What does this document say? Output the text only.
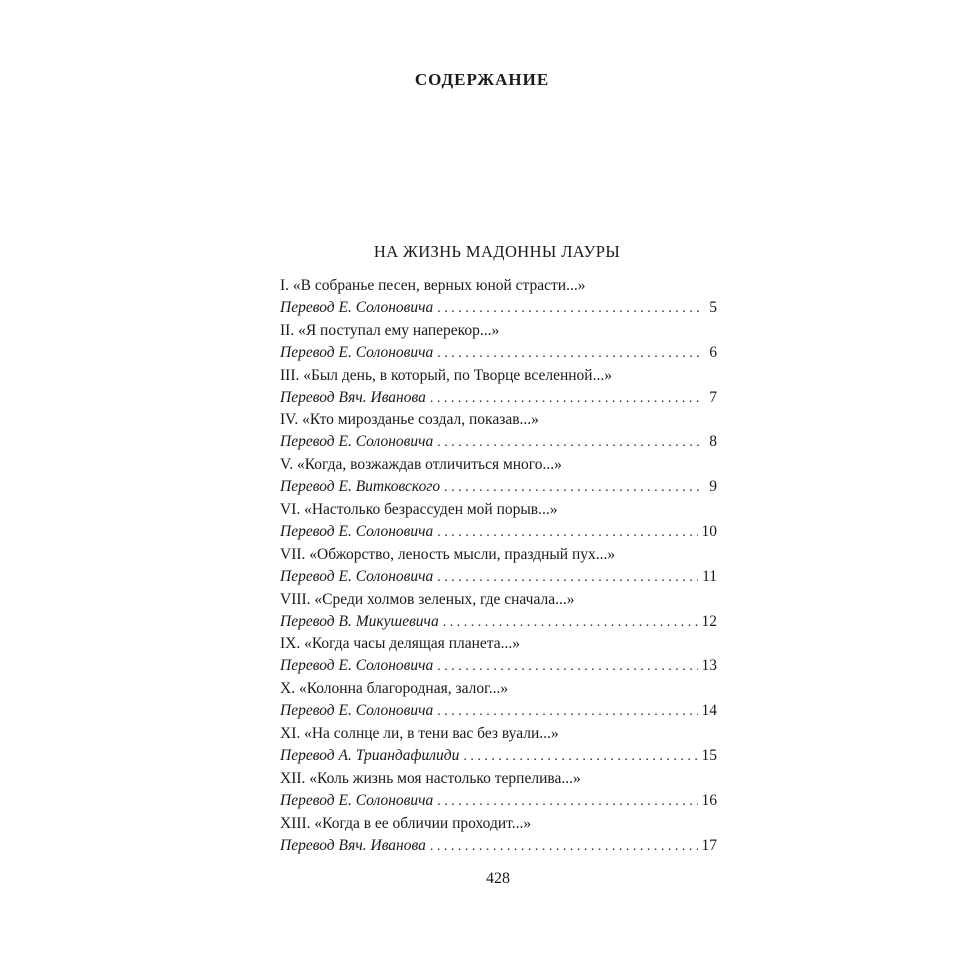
СОДЕРЖАНИЕ
НА ЖИЗНЬ МАДОННЫ ЛАУРЫ
I. «В собранье песен, верных юной страсти...»
Перевод Е. Солоновича . . .	5
II. «Я поступал ему наперекор...»
Перевод Е. Солоновича . . .	6
III. «Был день, в который, по Творце вселенной...»
Перевод Вяч. Иванова . . .	7
IV. «Кто мирозданье создал, показав...»
Перевод Е. Солоновича . . .	8
V. «Когда, возжаждав отличиться много...»
Перевод Е. Витковского . . .	9
VI. «Настолько безрассуден мой порыв...»
Перевод Е. Солоновича . . .	10
VII. «Обжорство, леность мысли, праздный пух...»
Перевод Е. Солоновича . . .	11
VIII. «Среди холмов зеленых, где сначала...»
Перевод В. Микушевича . . .	12
IX. «Когда часы делящая планета...»
Перевод Е. Солоновича . . .	13
X. «Колонна благородная, залог...»
Перевод Е. Солоновича . . .	14
XI. «На солнце ли, в тени вас без вуали...»
Перевод А. Триандафилиди . . .	15
XII. «Коль жизнь моя настолько терпелива...»
Перевод Е. Солоновича . . .	16
XIII. «Когда в ее обличии проходит...»
Перевод Вяч. Иванова . . .	17
428
